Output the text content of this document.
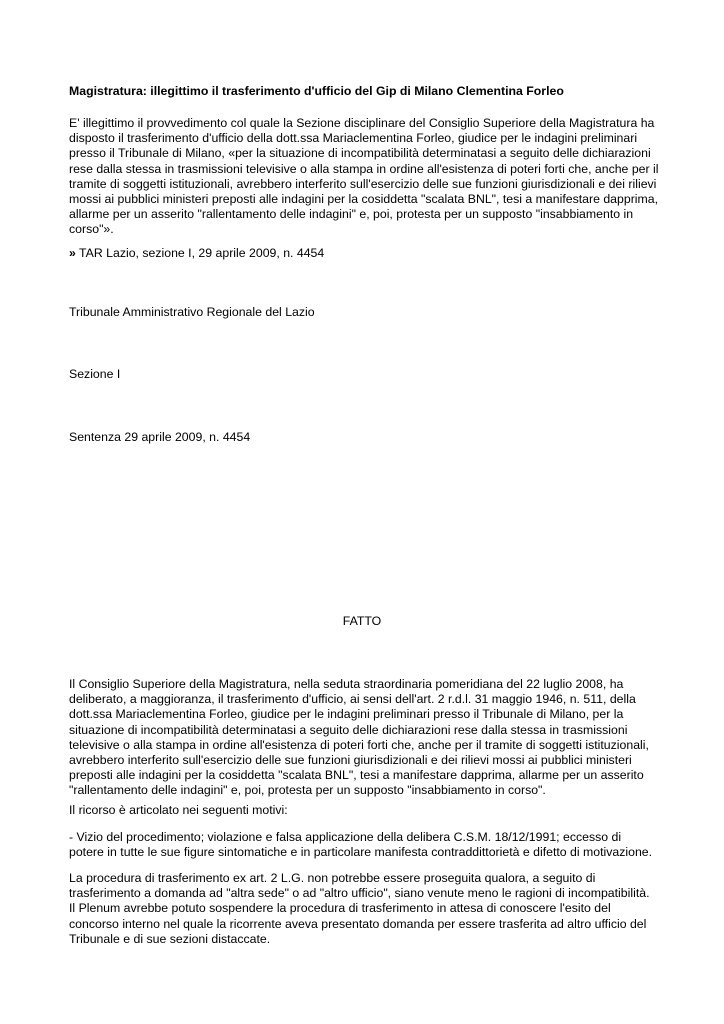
Magistratura: illegittimo il trasferimento d'ufficio del Gip di Milano Clementina Forleo

E' illegittimo il provvedimento col quale la Sezione disciplinare del Consiglio Superiore della Magistratura ha disposto il trasferimento d'ufficio della dott.ssa Mariaclementina Forleo, giudice per le indagini preliminari presso il Tribunale di Milano, «per la situazione di incompatibilità determinatasi a seguito delle dichiarazioni rese dalla stessa in trasmissioni televisive o alla stampa in ordine all'esistenza di poteri forti che, anche per il tramite di soggetti istituzionali, avrebbero interferito sull'esercizio delle sue funzioni giurisdizionali e dei rilievi mossi ai pubblici ministeri preposti alle indagini per la cosiddetta "scalata BNL", tesi a manifestare dapprima, allarme per un asserito "rallentamento delle indagini" e, poi, protesta per un supposto "insabbiamento in corso"».

» TAR Lazio, sezione I, 29 aprile 2009, n. 4454

Tribunale Amministrativo Regionale del Lazio

Sezione I

Sentenza 29 aprile 2009, n. 4454

FATTO

Il Consiglio Superiore della Magistratura, nella seduta straordinaria pomeridiana del 22 luglio 2008, ha deliberato, a maggioranza, il trasferimento d'ufficio, ai sensi dell'art. 2 r.d.l. 31 maggio 1946, n. 511, della dott.ssa Mariaclementina Forleo, giudice per le indagini preliminari presso il Tribunale di Milano, per la situazione di incompatibilità determinatasi a seguito delle dichiarazioni rese dalla stessa in trasmissioni televisive o alla stampa in ordine all'esistenza di poteri forti che, anche per il tramite di soggetti istituzionali, avrebbero interferito sull'esercizio delle sue funzioni giurisdizionali e dei rilievi mossi ai pubblici ministeri preposti alle indagini per la cosiddetta "scalata BNL", tesi a manifestare dapprima, allarme per un asserito "rallentamento delle indagini" e, poi, protesta per un supposto "insabbiamento in corso".

Il ricorso è articolato nei seguenti motivi:

- Vizio del procedimento; violazione e falsa applicazione della delibera C.S.M. 18/12/1991; eccesso di potere in tutte le sue figure sintomatiche e in particolare manifesta contraddittorietà e difetto di motivazione.

La procedura di trasferimento ex art. 2 L.G. non potrebbe essere proseguita qualora, a seguito di trasferimento a domanda ad "altra sede" o ad "altro ufficio", siano venute meno le ragioni di incompatibilità. Il Plenum avrebbe potuto sospendere la procedura di trasferimento in attesa di conoscere l'esito del concorso interno nel quale la ricorrente aveva presentato domanda per essere trasferita ad altro ufficio del Tribunale e di sue sezioni distaccate.
